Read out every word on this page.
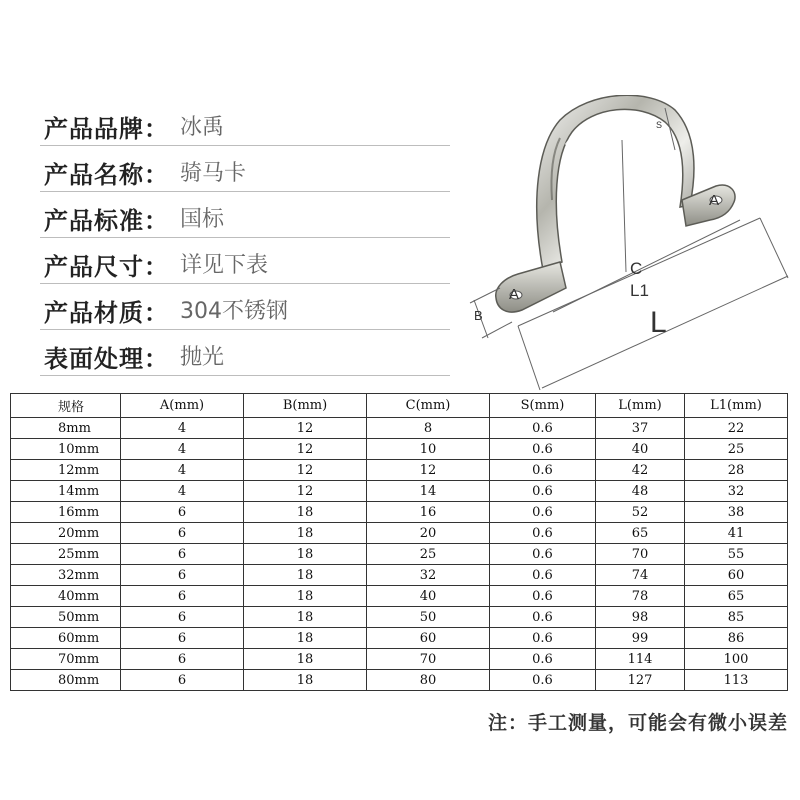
产品品牌： 冰禹
产品名称： 骑马卡
产品标准： 国标
产品尺寸： 详见下表
产品材质： 304不锈钢
表面处理： 抛光
A
A
B
C
L1
L
S
规格	A(mm)	B(mm)	C(mm)	S(mm)	L(mm)	L1(mm)
8mm	4	12	8	0.6	37	22
10mm	4	12	10	0.6	40	25
12mm	4	12	12	0.6	42	28
14mm	4	12	14	0.6	48	32
16mm	6	18	16	0.6	52	38
20mm	6	18	20	0.6	65	41
25mm	6	18	25	0.6	70	55
32mm	6	18	32	0.6	74	60
40mm	6	18	40	0.6	78	65
50mm	6	18	50	0.6	98	85
60mm	6	18	60	0.6	99	86
70mm	6	18	70	0.6	114	100
80mm	6	18	80	0.6	127	113
注：手工测量，可能会有微小误差
